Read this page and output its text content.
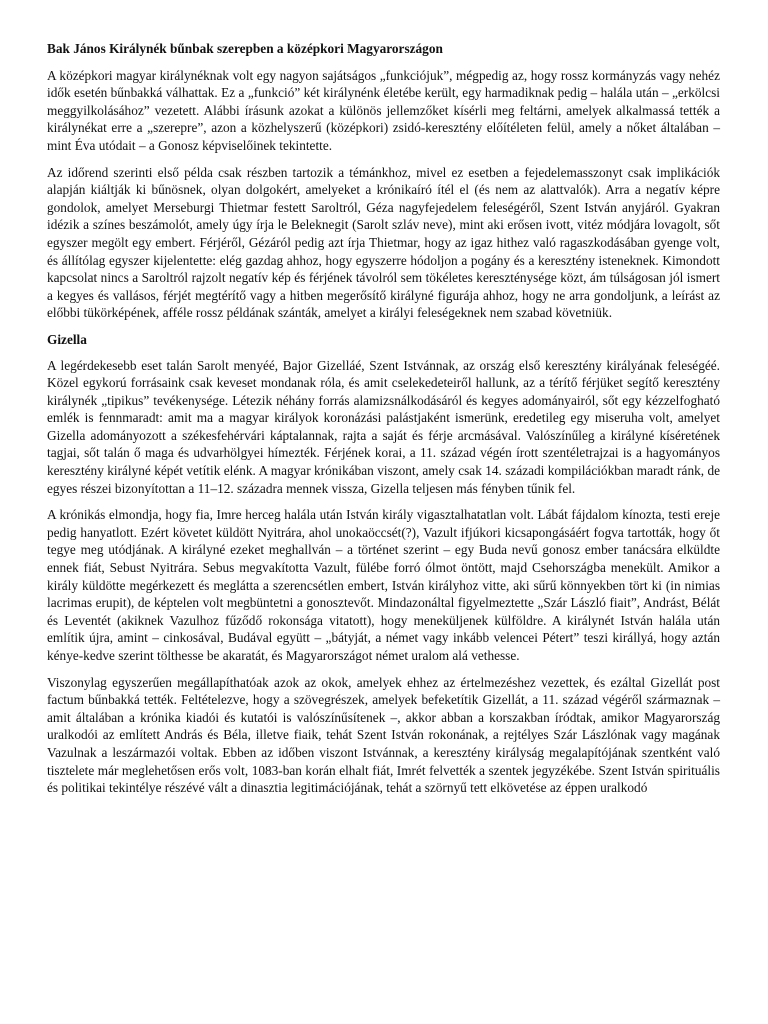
Bak János Királynék bűnbak szerepben a középkori Magyarországon

A középkori magyar királynéknak volt egy nagyon sajátságos „funkciójuk”, mégpedig az, hogy rossz kormányzás vagy nehéz idők esetén bűnbakká válhattak. Ez a „funkció” két királynénk életébe került, egy harmadiknak pedig – halála után – „erkölcsi meggyilkolásához” vezetett. Alábbi írásunk azokat a különös jellemzőket kísérli meg feltárni, amelyek alkalmassá tették a királynékat erre a „szerepre”, azon a közhelyszerű (középkori) zsidó-keresztény előítéleten felül, amely a nőket általában – mint Éva utódait – a Gonosz képviselőinek tekintette.

Az időrend szerinti első példa csak részben tartozik a témánkhoz, mivel ez esetben a fejedelemasszonyt csak implikációk alapján kiáltják ki bűnösnek, olyan dolgokért, amelyeket a krónikaíró ítél el (és nem az alattvalók). Arra a negatív képre gondolok, amelyet Merseburgi Thietmar festett Saroltról, Géza nagyfejedelem feleségéről, Szent István anyjáról. Gyakran idézik a színes beszámolót, amely úgy írja le Beleknegit (Sarolt szláv neve), mint aki erősen ivott, vitéz módjára lovagolt, sőt egyszer megölt egy embert. Férjéről, Gézáról pedig azt írja Thietmar, hogy az igaz hithez való ragaszkodásában gyenge volt, és állítólag egyszer kijelentette: elég gazdag ahhoz, hogy egyszerre hódoljon a pogány és a keresztény isteneknek. Kimondott kapcsolat nincs a Saroltról rajzolt negatív kép és férjének távolról sem tökéletes kereszténysége közt, ám túlságosan jól ismert a kegyes és vallásos, férjét megtérítő vagy a hitben megerősítő királyné figurája ahhoz, hogy ne arra gondoljunk, a leírást az előbbi tükörképének, afféle rossz példának szánták, amelyet a királyi feleségeknek nem szabad követniük.

Gizella

A legérdekesebb eset talán Sarolt menyéé, Bajor Gizelláé, Szent Istvánnak, az ország első keresztény királyának feleségéé. Közel egykorú forrásaink csak keveset mondanak róla, és amit cselekedeteiről hallunk, az a térítő férjüket segítő keresztény királynék „tipikus” tevékenysége. Létezik néhány forrás alamizsnálkodásáról és kegyes adományairól, sőt egy kézzelfogható emlék is fennmaradt: amit ma a magyar királyok koronázási palástjaként ismerünk, eredetileg egy miseruha volt, amelyet Gizella adományozott a székesfehérvári káptalannak, rajta a saját és férje arcmásával. Valószínűleg a királyné kíséretének tagjai, sőt talán ő maga és udvarhölgyei hímezték. Férjének korai, a 11. század végén írott szentéletrajzai is a hagyományos keresztény királyné képét vetítik elénk. A magyar krónikában viszont, amely csak 14. századi kompilációkban maradt ránk, de egyes részei bizonyítottan a 11–12. századra mennek vissza, Gizella teljesen más fényben tűnik fel.

A krónikás elmondja, hogy fia, Imre herceg halála után István király vigasztalhatatlan volt. Lábát fájdalom kínozta, testi ereje pedig hanyatlott. Ezért követet küldött Nyitrára, ahol unokaöccsét(?), Vazult ifjúkori kicsapongásáért fogva tartották, hogy őt tegye meg utódjának. A királyné ezeket meghallván – a történet szerint – egy Buda nevű gonosz ember tanácsára elküldte ennek fiát, Sebust Nyitrára. Sebus megvakította Vazult, fülébe forró ólmot öntött, majd Csehországba menekült. Amikor a király küldötte megérkezett és meglátta a szerencsétlen embert, István királyhoz vitte, aki sűrű könnyekben tört ki (in nimias lacrimas erupit), de képtelen volt megbüntetni a gonosztevőt. Mindazonáltal figyelmeztette „Szár László fiait”, Andrást, Bélát és Leventét (akiknek Vazulhoz fűződő rokonsága vitatott), hogy meneküljenek külföldre. A királynét István halála után említik újra, amint – cinkosával, Budával együtt – „bátyját, a német vagy inkább velencei Pétert” teszi királlyá, hogy aztán kénye-kedve szerint tölthesse be akaratát, és Magyarországot német uralom alá vethesse.

Viszonylag egyszerűen megállapíthatóak azok az okok, amelyek ehhez az értelmezéshez vezettek, és ezáltal Gizellát post factum bűnbakká tették. Feltételezve, hogy a szövegrészek, amelyek befeketítik Gizellát, a 11. század végéről származnak – amit általában a krónika kiadói és kutatói is valószínűsítenek –, akkor abban a korszakban íródtak, amikor Magyarország uralkodói az említett András és Béla, illetve fiaik, tehát Szent István rokonának, a rejtélyes Szár Lászlónak vagy magának Vazulnak a leszármazói voltak. Ebben az időben viszont Istvánnak, a keresztény királyság megalapítójának szentként való tisztelete már meglehetősen erős volt, 1083-ban korán elhalt fiát, Imrét felvették a szentek jegyzékébe. Szent István spirituális és politikai tekintélye részévé vált a dinasztia legitimációjának, tehát a szörnyű tett elkövetése az éppen uralkodó
